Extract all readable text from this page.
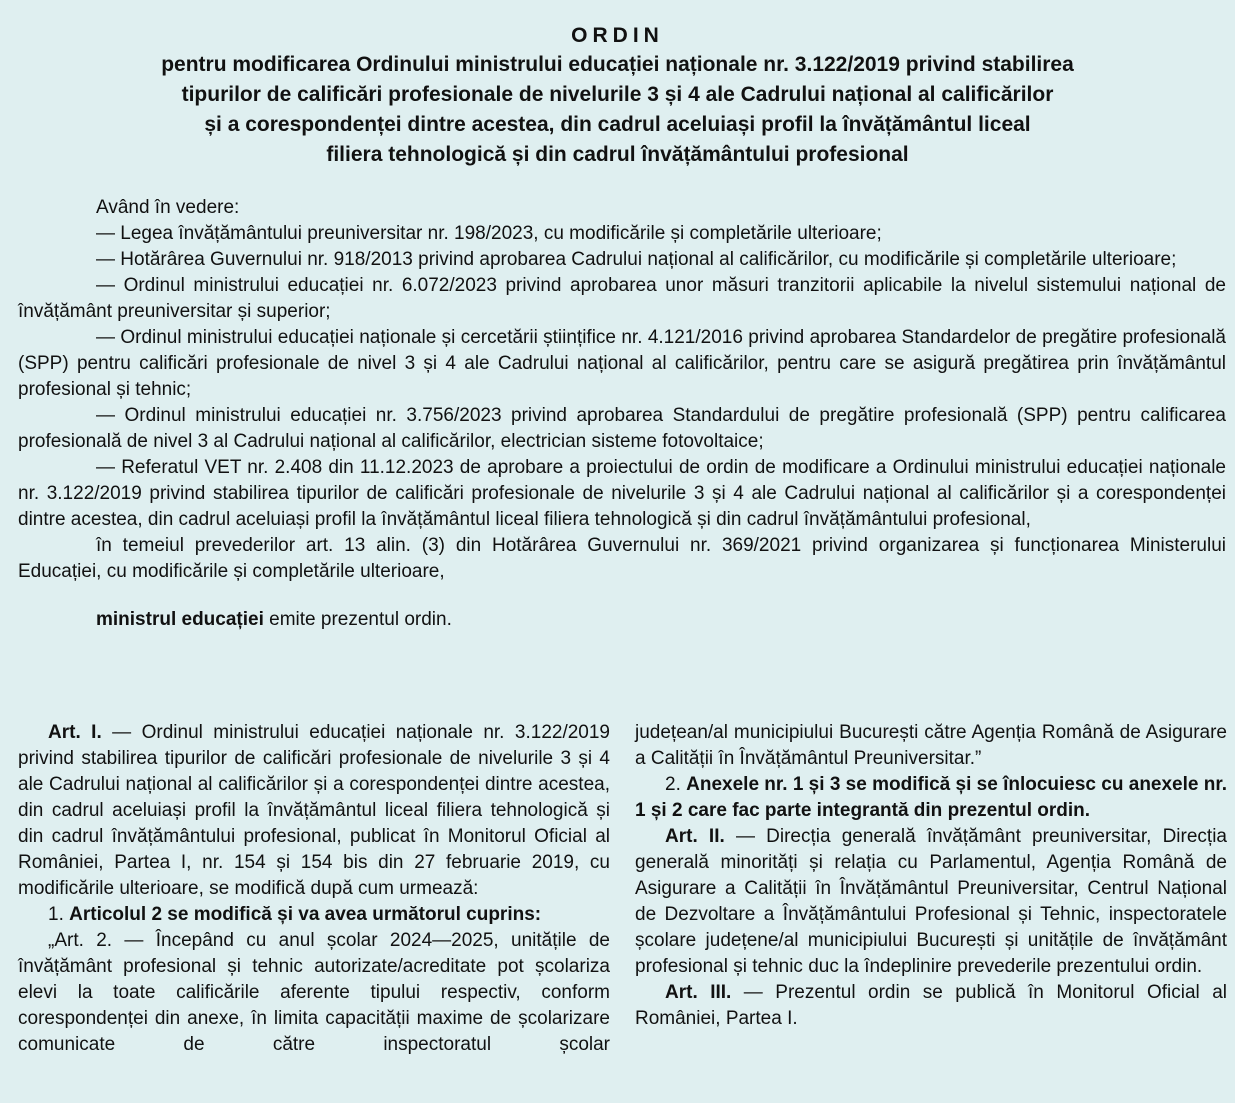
ORDIN
pentru modificarea Ordinului ministrului educației naționale nr. 3.122/2019 privind stabilirea
tipurilor de calificări profesionale de nivelurile 3 și 4 ale Cadrului național al calificărilor
și a corespondenței dintre acestea, din cadrul aceluiași profil la învățământul liceal
filiera tehnologică și din cadrul învățământului profesional
Având în vedere:
— Legea învățământului preuniversitar nr. 198/2023, cu modificările și completările ulterioare;
— Hotărârea Guvernului nr. 918/2013 privind aprobarea Cadrului național al calificărilor, cu modificările și completările ulterioare;
— Ordinul ministrului educației nr. 6.072/2023 privind aprobarea unor măsuri tranzitorii aplicabile la nivelul sistemului național de învățământ preuniversitar și superior;
— Ordinul ministrului educației naționale și cercetării științifice nr. 4.121/2016 privind aprobarea Standardelor de pregătire profesională (SPP) pentru calificări profesionale de nivel 3 și 4 ale Cadrului național al calificărilor, pentru care se asigură pregătirea prin învățământul profesional și tehnic;
— Ordinul ministrului educației nr. 3.756/2023 privind aprobarea Standardului de pregătire profesională (SPP) pentru calificarea profesională de nivel 3 al Cadrului național al calificărilor, electrician sisteme fotovoltaice;
— Referatul VET nr. 2.408 din 11.12.2023 de aprobare a proiectului de ordin de modificare a Ordinului ministrului educației naționale nr. 3.122/2019 privind stabilirea tipurilor de calificări profesionale de nivelurile 3 și 4 ale Cadrului național al calificărilor și a corespondenței dintre acestea, din cadrul aceluiași profil la învățământul liceal filiera tehnologică și din cadrul învățământului profesional,
în temeiul prevederilor art. 13 alin. (3) din Hotărârea Guvernului nr. 369/2021 privind organizarea și funcționarea Ministerului Educației, cu modificările și completările ulterioare,
ministrul educației emite prezentul ordin.
Art. I. — Ordinul ministrului educației naționale nr. 3.122/2019 privind stabilirea tipurilor de calificări profesionale de nivelurile 3 și 4 ale Cadrului național al calificărilor și a corespondenței dintre acestea, din cadrul aceluiași profil la învățământul liceal filiera tehnologică și din cadrul învățământului profesional, publicat în Monitorul Oficial al României, Partea I, nr. 154 și 154 bis din 27 februarie 2019, cu modificările ulterioare, se modifică după cum urmează:
1. Articolul 2 se modifică și va avea următorul cuprins:
„Art. 2. — Începând cu anul școlar 2024—2025, unitățile de învățământ profesional și tehnic autorizate/acreditate pot școlariza elevi la toate calificările aferente tipului respectiv, conform corespondenței din anexe, în limita capacității maxime de școlarizare comunicate de către inspectoratul școlar
județean/al municipiului București către Agenția Română de Asigurare a Calității în Învățământul Preuniversitar.”
2. Anexele nr. 1 și 3 se modifică și se înlocuiesc cu anexele nr. 1 și 2 care fac parte integrantă din prezentul ordin.
Art. II. — Direcția generală învățământ preuniversitar, Direcția generală minorități și relația cu Parlamentul, Agenția Română de Asigurare a Calității în Învățământul Preuniversitar, Centrul Național de Dezvoltare a Învățământului Profesional și Tehnic, inspectoratele școlare județene/al municipiului București și unitățile de învățământ profesional și tehnic duc la îndeplinire prevederile prezentului ordin.
Art. III. — Prezentul ordin se publică în Monitorul Oficial al României, Partea I.
